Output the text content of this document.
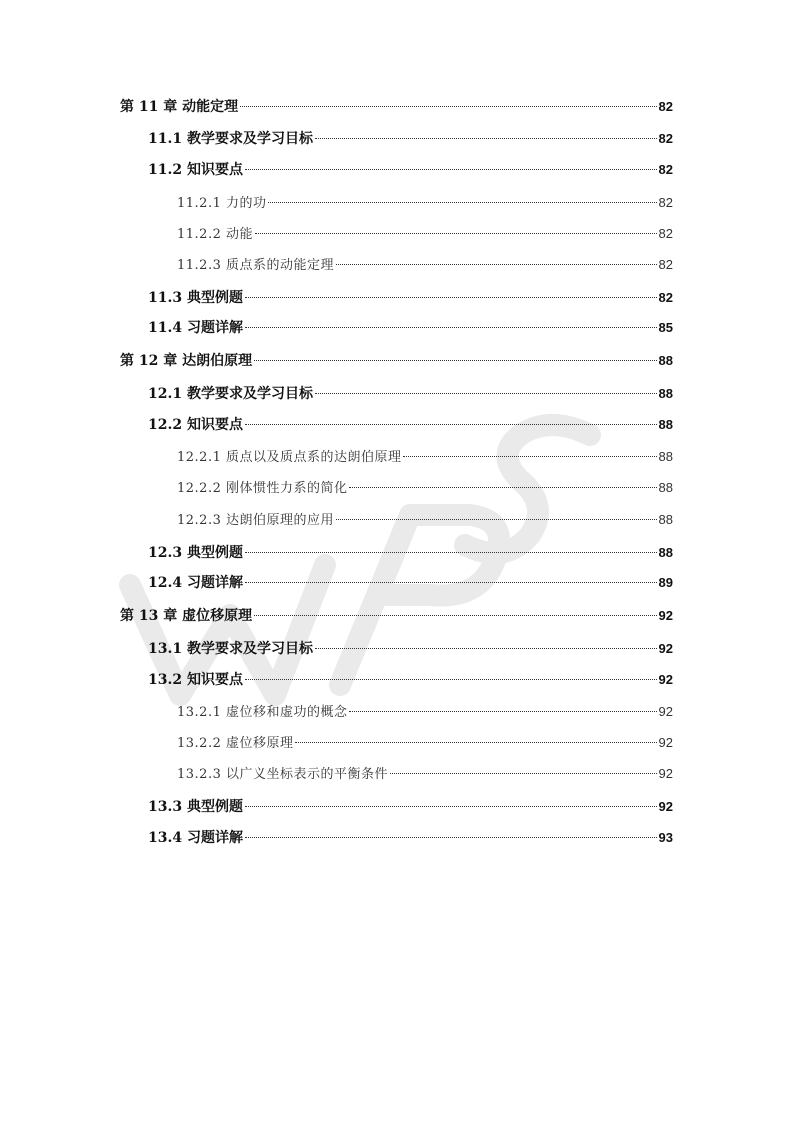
第 11 章 动能定理	82
11.1 教学要求及学习目标	82
11.2 知识要点	82
11.2.1 力的功	82
11.2.2 动能	82
11.2.3 质点系的动能定理	82
11.3 典型例题	82
11.4 习题详解	85
第 12 章 达朗伯原理	88
12.1 教学要求及学习目标	88
12.2 知识要点	88
12.2.1 质点以及质点系的达朗伯原理	88
12.2.2 刚体惯性力系的简化	88
12.2.3 达朗伯原理的应用	88
12.3 典型例题	88
12.4 习题详解	89
第 13 章 虚位移原理	92
13.1 教学要求及学习目标	92
13.2 知识要点	92
13.2.1 虚位移和虚功的概念	92
13.2.2 虚位移原理	92
13.2.3 以广义坐标表示的平衡条件	92
13.3 典型例题	92
13.4 习题详解	93
